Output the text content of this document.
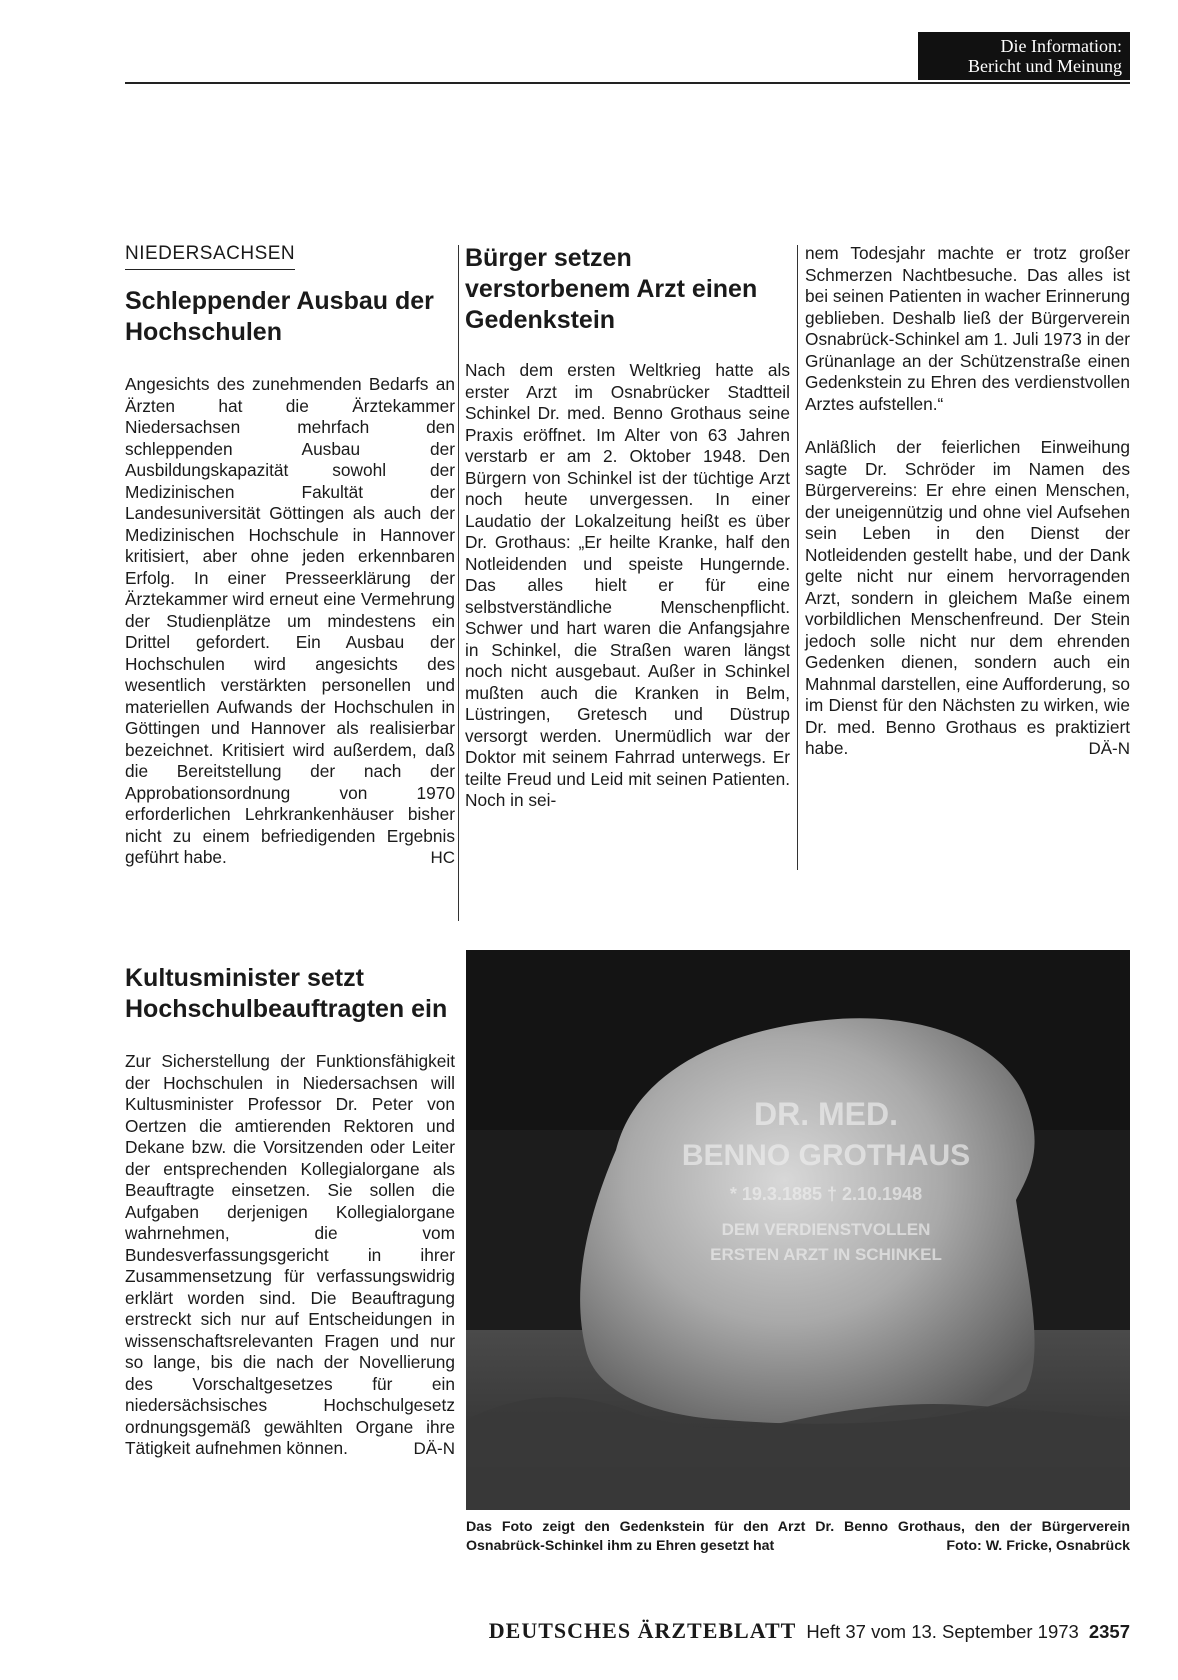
Die Information:
Bericht und Meinung
NIEDERSACHSEN
Schleppender Ausbau der Hochschulen

Angesichts des zunehmenden Bedarfs an Ärzten hat die Ärztekammer Niedersachsen mehrfach den schleppenden Ausbau der Ausbildungskapazität sowohl der Medizinischen Fakultät der Landesuniversität Göttingen als auch der Medizinischen Hochschule in Hannover kritisiert, aber ohne jeden erkennbaren Erfolg. In einer Presseerklärung der Ärztekammer wird erneut eine Vermehrung der Studienplätze um mindestens ein Drittel gefordert. Ein Ausbau der Hochschulen wird angesichts des wesentlich verstärkten personellen und materiellen Aufwands der Hochschulen in Göttingen und Hannover als realisierbar bezeichnet. Kritisiert wird außerdem, daß die Bereitstellung der nach der Approbationsordnung von 1970 erforderlichen Lehrkrankenhäuser bisher nicht zu einem befriedigenden Ergebnis geführt habe.	HC
Bürger setzen verstorbenem Arzt einen Gedenkstein

Nach dem ersten Weltkrieg hatte als erster Arzt im Osnabrücker Stadtteil Schinkel Dr. med. Benno Grothaus seine Praxis eröffnet. Im Alter von 63 Jahren verstarb er am 2. Oktober 1948. Den Bürgern von Schinkel ist der tüchtige Arzt noch heute unvergessen. In einer Laudatio der Lokalzeitung heißt es über Dr. Grothaus: „Er heilte Kranke, half den Notleidenden und speiste Hungernde. Das alles hielt er für eine selbstverständliche Menschenpflicht. Schwer und hart waren die Anfangsjahre in Schinkel, die Straßen waren längst noch nicht ausgebaut. Außer in Schinkel mußten auch die Kranken in Belm, Lüstringen, Gretesch und Düstrup versorgt werden. Unermüdlich war der Doktor mit seinem Fahrrad unterwegs. Er teilte Freud und Leid mit seinen Patienten. Noch in sei-

nem Todesjahr machte er trotz großer Schmerzen Nachtbesuche. Das alles ist bei seinen Patienten in wacher Erinnerung geblieben. Deshalb ließ der Bürgerverein Osnabrück-Schinkel am 1. Juli 1973 in der Grünanlage an der Schützenstraße einen Gedenkstein zu Ehren des verdienstvollen Arztes aufstellen.“

Anläßlich der feierlichen Einweihung sagte Dr. Schröder im Namen des Bürgervereins: Er ehre einen Menschen, der uneigennützig und ohne viel Aufsehen sein Leben in den Dienst der Notleidenden gestellt habe, und der Dank gelte nicht nur einem hervorragenden Arzt, sondern in gleichem Maße einem vorbildlichen Menschenfreund. Der Stein jedoch solle nicht nur dem ehrenden Gedenken dienen, sondern auch ein Mahnmal darstellen, eine Aufforderung, so im Dienst für den Nächsten zu wirken, wie Dr. med. Benno Grothaus es praktiziert habe.	DÄ-N
Kultusminister setzt Hochschulbeauftragten ein

Zur Sicherstellung der Funktionsfähigkeit der Hochschulen in Niedersachsen will Kultusminister Professor Dr. Peter von Oertzen die amtierenden Rektoren und Dekane bzw. die Vorsitzenden oder Leiter der entsprechenden Kollegialorgane als Beauftragte einsetzen. Sie sollen die Aufgaben derjenigen Kollegialorgane wahrnehmen, die vom Bundesverfassungsgericht in ihrer Zusammensetzung für verfassungswidrig erklärt worden sind. Die Beauftragung erstreckt sich nur auf Entscheidungen in wissenschaftsrelevanten Fragen und nur so lange, bis die nach der Novellierung des Vorschaltgesetzes für ein niedersächsisches Hochschulgesetz ordnungsgemäß gewählten Organe ihre Tätigkeit aufnehmen können.	DÄ-N
DR. MED.
BENNO GROTHAUS
* 19.3.1885 † 2.10.1948
DEM VERDIENSTVOLLEN
ERSTEN ARZT IN SCHINKEL
Das Foto zeigt den Gedenkstein für den Arzt Dr. Benno Grothaus, den der Bürgerverein Osnabrück-Schinkel ihm zu Ehren gesetzt hat	Foto: W. Fricke, Osnabrück
DEUTSCHES ÄRZTEBLATT Heft 37 vom 13. September 1973 2357
